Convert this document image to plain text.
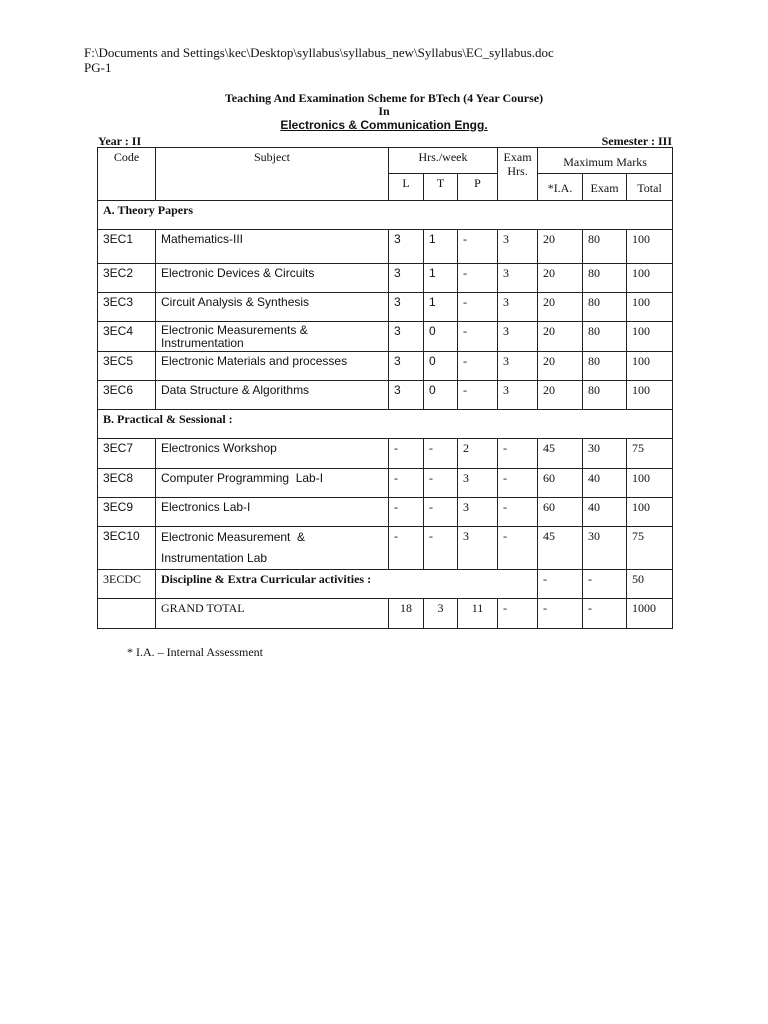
F:\Documents and Settings\kec\Desktop\syllabus\syllabus_new\Syllabus\EC_syllabus.doc
PG-1
Teaching And Examination Scheme for BTech (4 Year Course)
In
Electronics & Communication Engg.
Year : II	Semester : III
Code	Subject	Hrs./week			Exam Hrs.	Maximum Marks		

		L	T	P		*I.A.	Exam	Total

A. Theory Papers								

3EC1	Mathematics-III	3	1	-	3	20	80	100

3EC2	Electronic Devices & Circuits	3	1	-	3	20	80	100

3EC3	Circuit Analysis & Synthesis	3	1	-	3	20	80	100

3EC4	Electronic Measurements & Instrumentation	3	0	-	3	20	80	100

3EC5	Electronic Materials and processes	3	0	-	3	20	80	100

3EC6	Data Structure & Algorithms	3	0	-	3	20	80	100

B. Practical & Sessional :								

3EC7	Electronics Workshop	-	-	2	-	45	30	75

3EC8	Computer Programming  Lab-I	-	-	3	-	60	40	100

3EC9	Electronics Lab-I	-	-	3	-	60	40	100

3EC10	Electronic Measurement  &
Instrumentation Lab	-	-	3	-	45	30	75

3ECDC	Discipline & Extra Curricular activities :					-	-	50

	GRAND TOTAL	18	3	11	-	-	-	1000
* I.A. – Internal Assessment
